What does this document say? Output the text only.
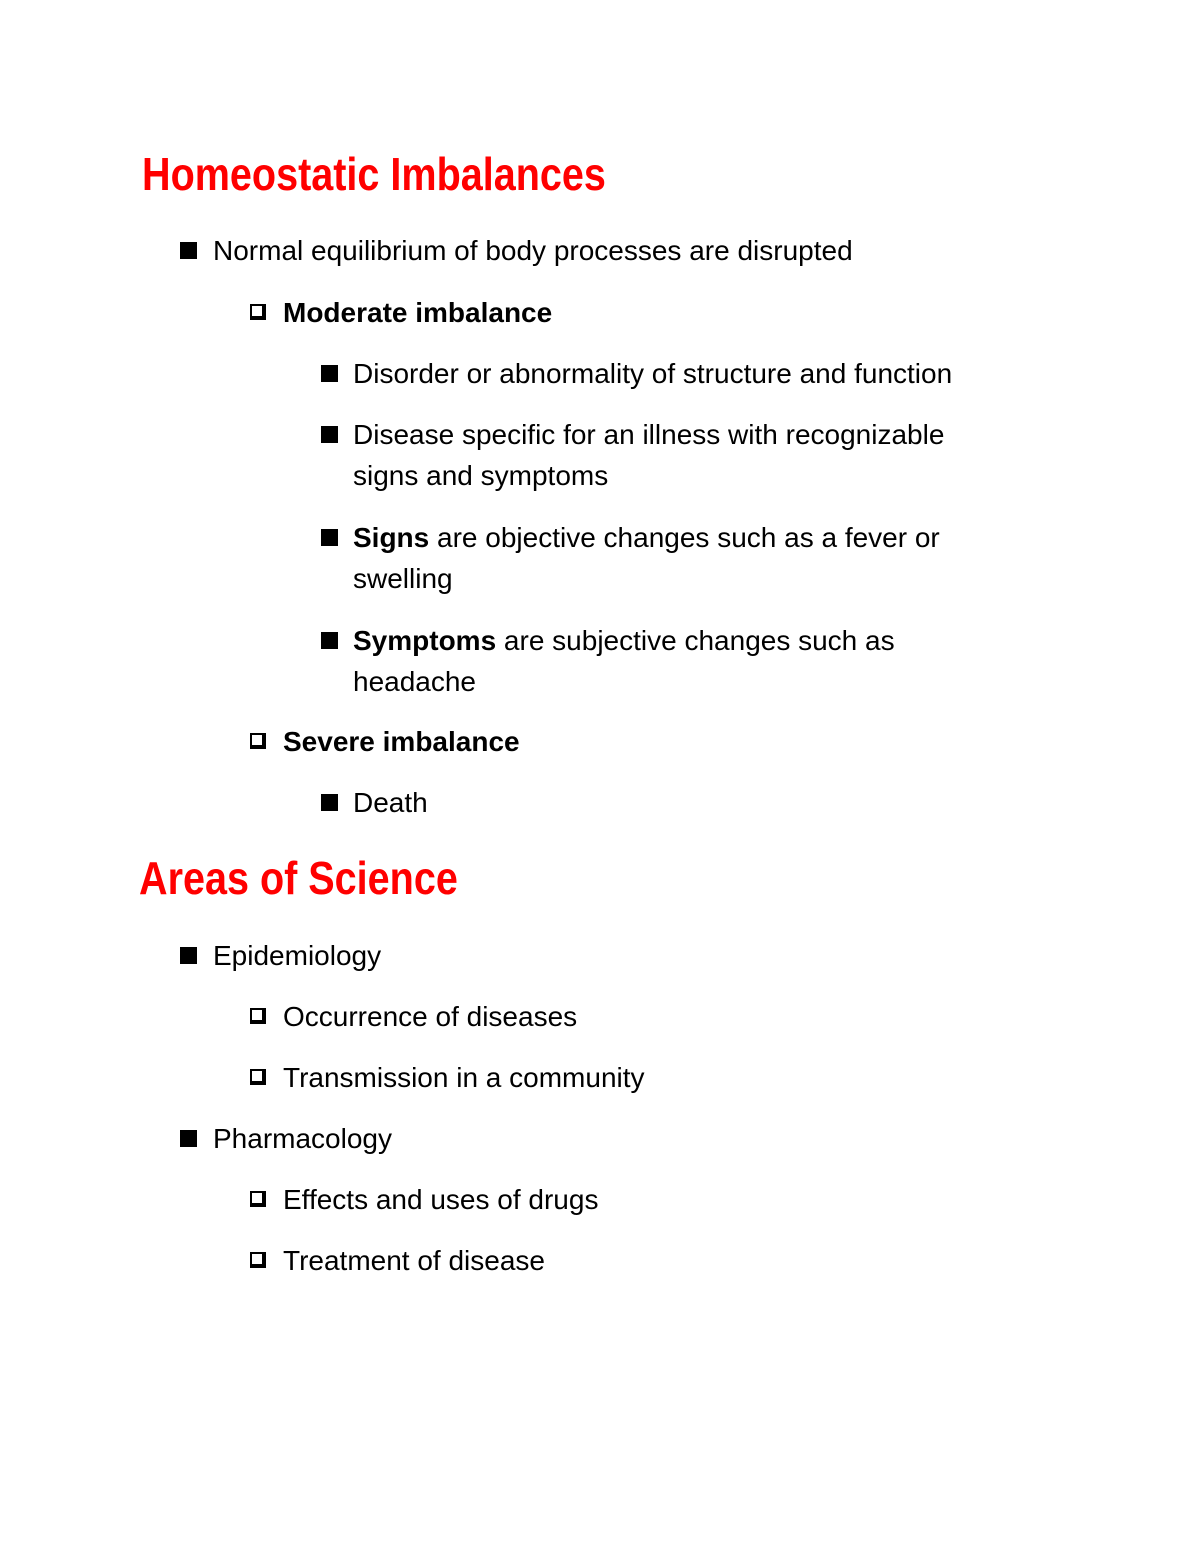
Homeostatic Imbalances
Normal equilibrium of body processes are disrupted
Moderate imbalance
Disorder or abnormality of structure and function
Disease specific for an illness with recognizable
signs and symptoms
Signs are objective changes such as a fever or
swelling
Symptoms are subjective changes such as
headache
Severe imbalance
Death
Areas of Science
Epidemiology
Occurrence of diseases
Transmission in a community
Pharmacology
Effects and uses of drugs
Treatment of disease
